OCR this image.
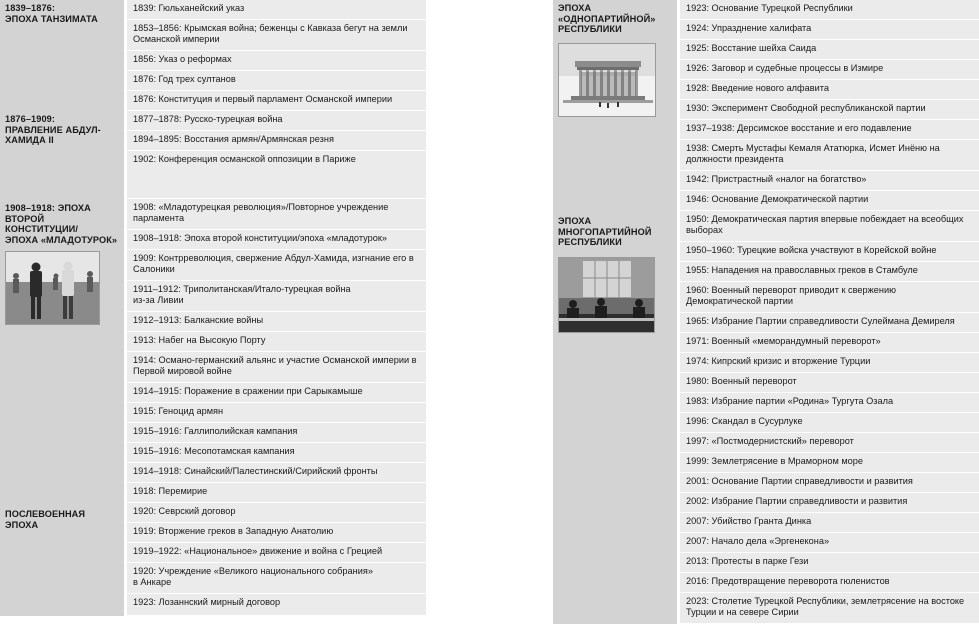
1839–1876:
ЭПОХА ТАНЗИМАТА
1839: Гюльханейский указ
1853–1856: Крымская война; беженцы с Кавказа бегут на земли Османской империи
1856: Указ о реформах
1876: Год трех султанов
1876: Конституция и первый парламент Османской империи
1876–1909:
ПРАВЛЕНИЕ АБДУЛ-
ХАМИДА II
1877–1878: Русско-турецкая война
1894–1895: Восстания армян/Армянская резня
1902: Конференция османской оппозиции в Париже
1908–1918: ЭПОХА
ВТОРОЙ КОНСТИТУЦИИ/
ЭПОХА «МЛАДОТУРОК»
1908: «Младотурецкая революция»/Повторное учреждение парламента
1908–1918: Эпоха второй конституции/эпоха «младотурок»
1909: Контрреволюция, свержение Абдул-Хамида, изгнание его в Салоники
1911–1912: Триполитанская/Итало-турецкая война
из-за Ливии
1912–1913: Балканские войны
1913: Набег на Высокую Порту
1914: Османо-германский альянс и участие Османской империи в Первой мировой войне
1914–1915: Поражение в сражении при Сарыкамыше
1915: Геноцид армян
1915–1916: Галлиполийская кампания
1915–1916: Месопотамская кампания
1914–1918: Синайский/Палестинский/Сирийский фронты
1918: Перемирие
ПОСЛЕВОЕННАЯ ЭПОХА
1920: Севрский договор
1919: Вторжение греков в Западную Анатолию
1919–1922: «Национальное» движение и война с Грецией
1920: Учреждение «Великого национального собрания»
в Анкаре
1923: Лозаннский мирный договор
ЭПОХА
«ОДНОПАРТИЙНОЙ»
РЕСПУБЛИКИ
1923: Основание Турецкой Республики
1924: Упразднение халифата
1925: Восстание шейха Саида
1926: Заговор и судебные процессы в Измире
1928: Введение нового алфавита
1930: Эксперимент Свободной республиканской партии
1937–1938: Дерсимское восстание и его подавление
1938: Смерть Мустафы Кемаля Ататюрка, Исмет Инёню на должности президента
1942: Пристрастный «налог на богатство»
1946: Основание Демократической партии
ЭПОХА
МНОГОПАРТИЙНОЙ
РЕСПУБЛИКИ
1950: Демократическая партия впервые побеждает на всеобщих выборах
1950–1960: Турецкие войска участвуют в Корейской войне
1955: Нападения на православных греков в Стамбуле
1960: Военный переворот приводит к свержению Демократической партии
1965: Избрание Партии справедливости Сулеймана Демиреля
1971: Военный «меморандумный переворот»
1974: Кипрский кризис и вторжение Турции
1980: Военный переворот
1983: Избрание партии «Родина» Тургута Озала
1996: Скандал в Сусурлуке
1997: «Постмодернистский» переворот
1999: Землетрясение в Мраморном море
2001: Основание Партии справедливости и развития
2002: Избрание Партии справедливости и развития
2007: Убийство Гранта Динка
2007: Начало дела «Эргенекона»
2013: Протесты в парке Гези
2016: Предотвращение переворота гюленистов
2023: Столетие Турецкой Республики, землетрясение на востоке Турции и на севере Сирии
